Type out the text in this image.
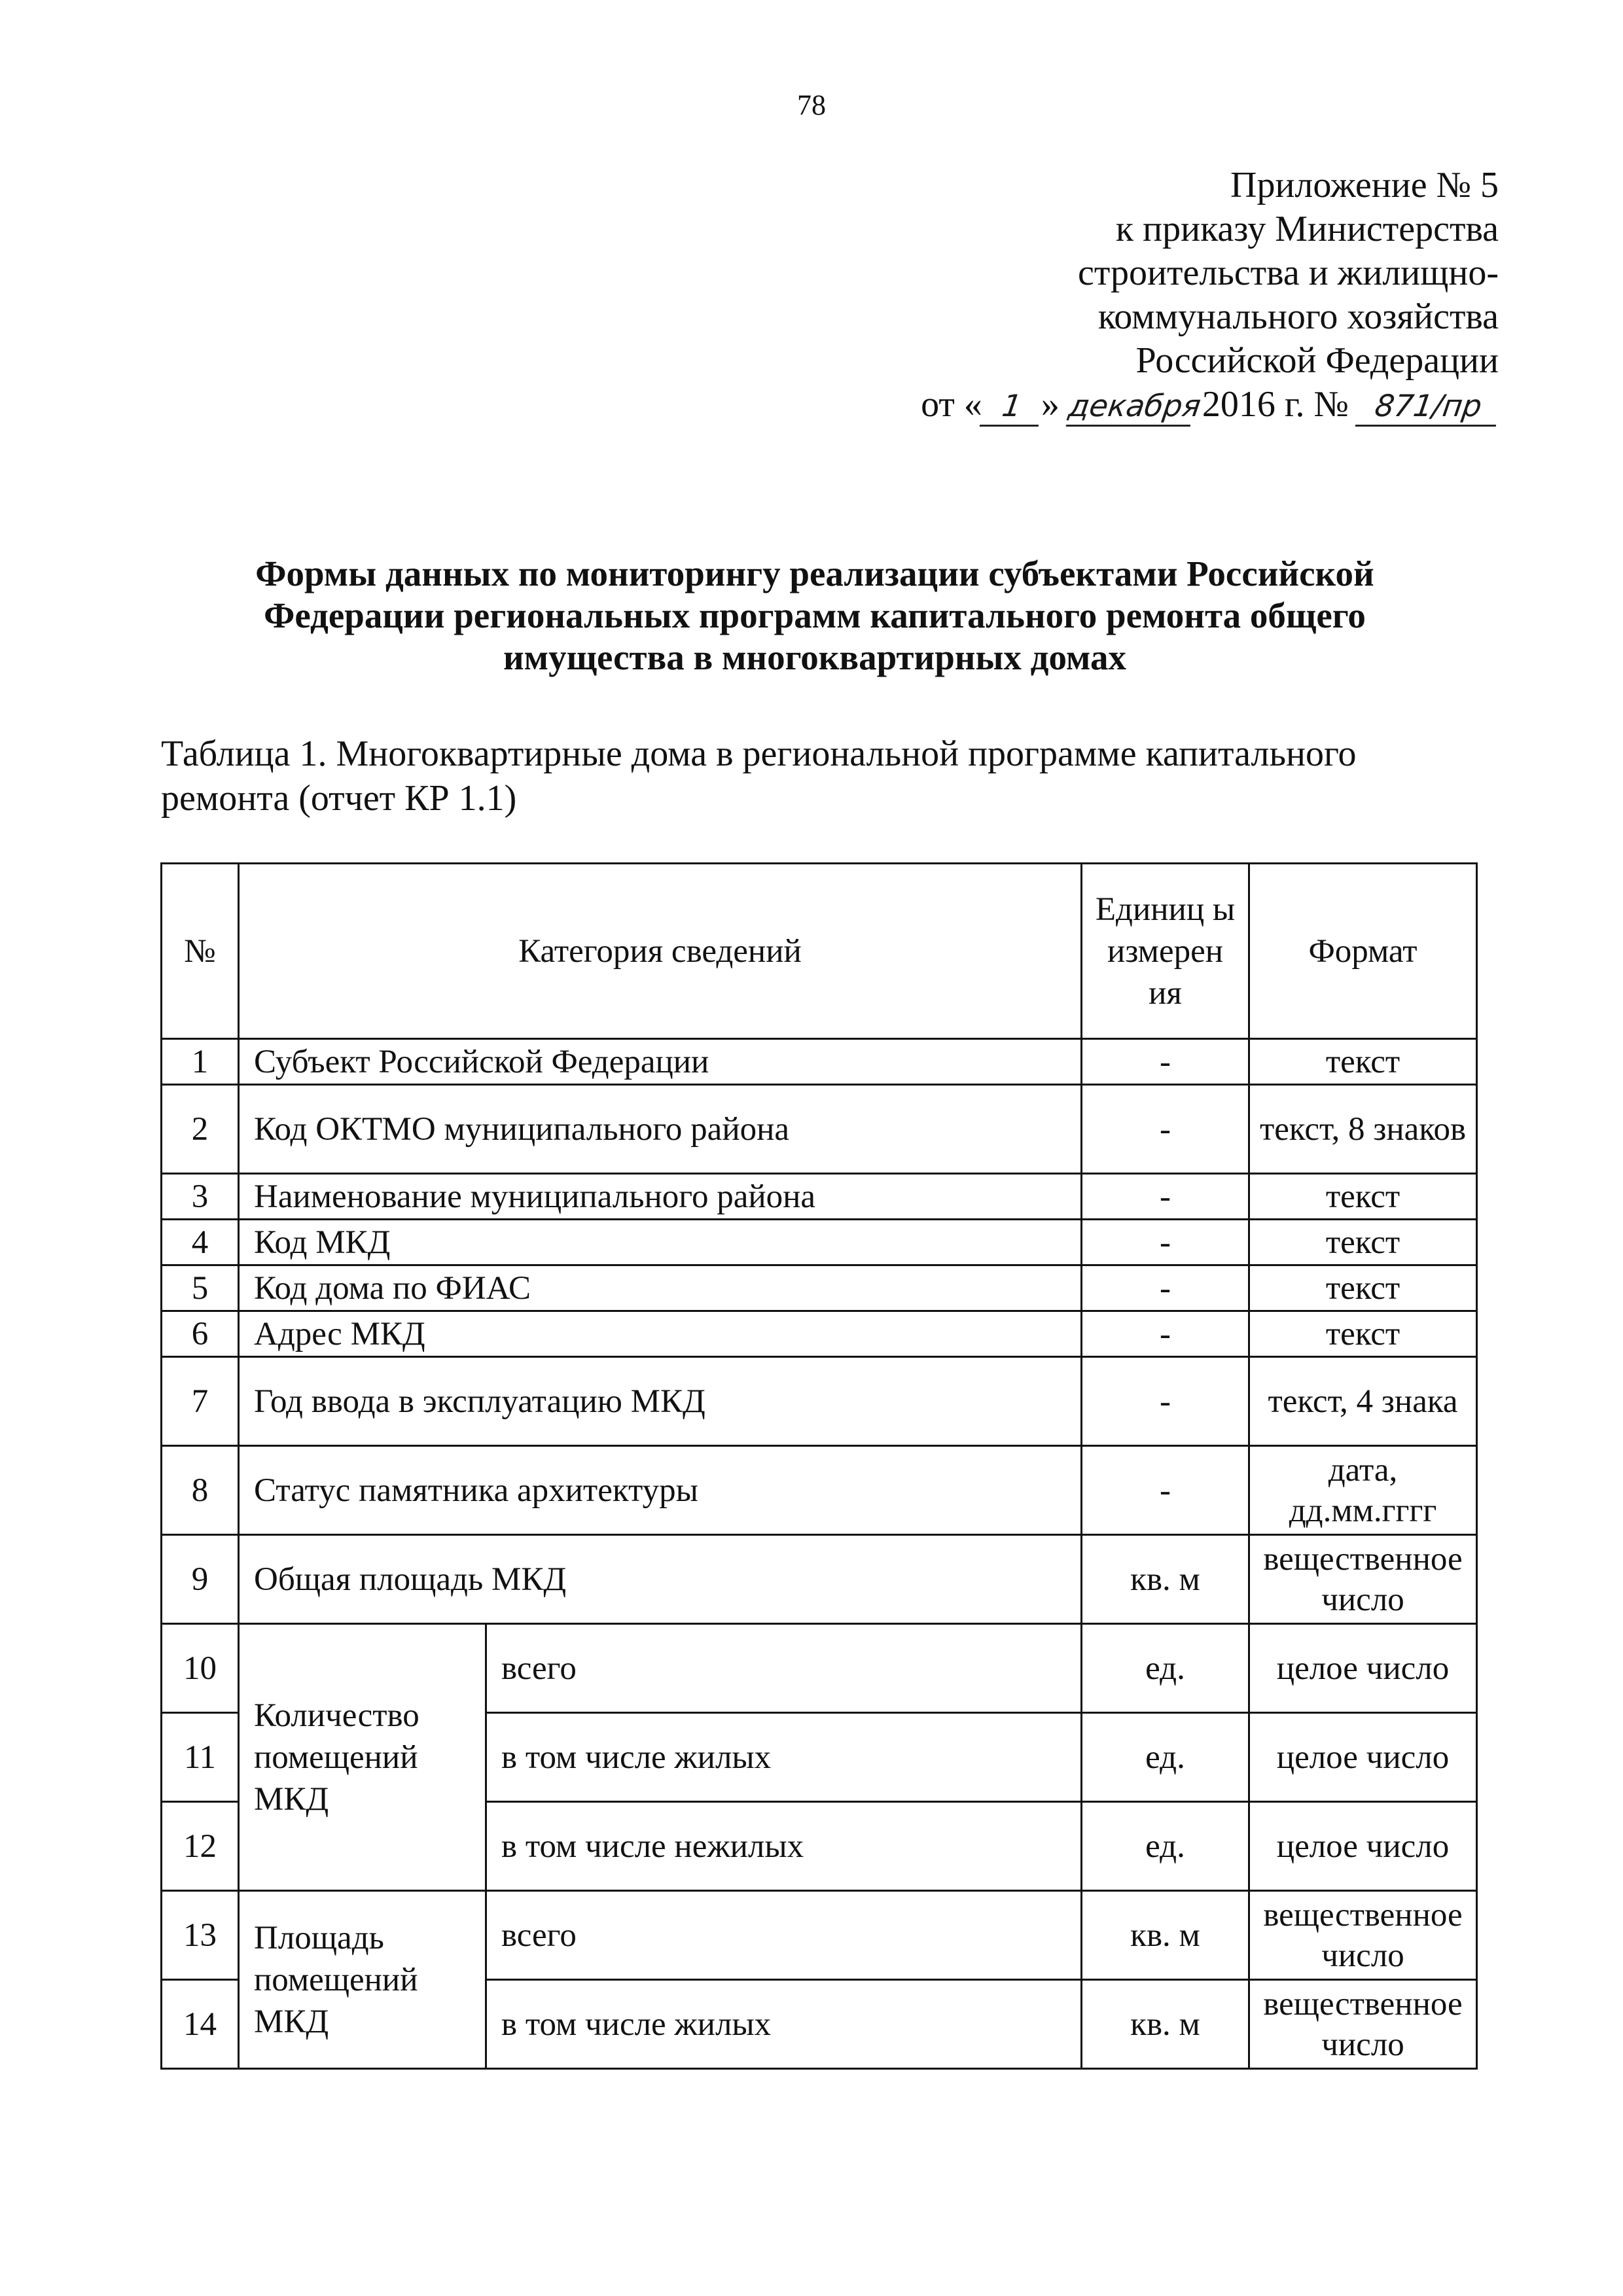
78
Приложение № 5
к приказу Министерства
строительства и жилищно-
коммунального хозяйства
Российской Федерации
от « 1 » декабря 2016 г. № 871/пр
Формы данных по мониторингу реализации субъектами Российской Федерации региональных программ капитального ремонта общего имущества в многоквартирных домах
Таблица 1. Многоквартирные дома в региональной программе капитального ремонта (отчет КР 1.1)
№	Категория сведений		Единиц ы измерен ия	Формат
1	Субъект Российской Федерации		-	текст
2	Код ОКТМО муниципального района		-	текст, 8 знаков
3	Наименование муниципального района		-	текст
4	Код МКД		-	текст
5	Код дома по ФИАС		-	текст
6	Адрес МКД		-	текст
7	Год ввода в эксплуатацию МКД		-	текст, 4 знака
8	Статус памятника архитектуры		-	дата, дд.мм.гггг
9	Общая площадь МКД		кв. м	вещественное число
10	Количество помещений МКД	всего	ед.	целое число
11		в том числе жилых	ед.	целое число
12		в том числе нежилых	ед.	целое число
13	Площадь помещений МКД	всего	кв. м	вещественное число
14		в том числе жилых	кв. м	вещественное число
